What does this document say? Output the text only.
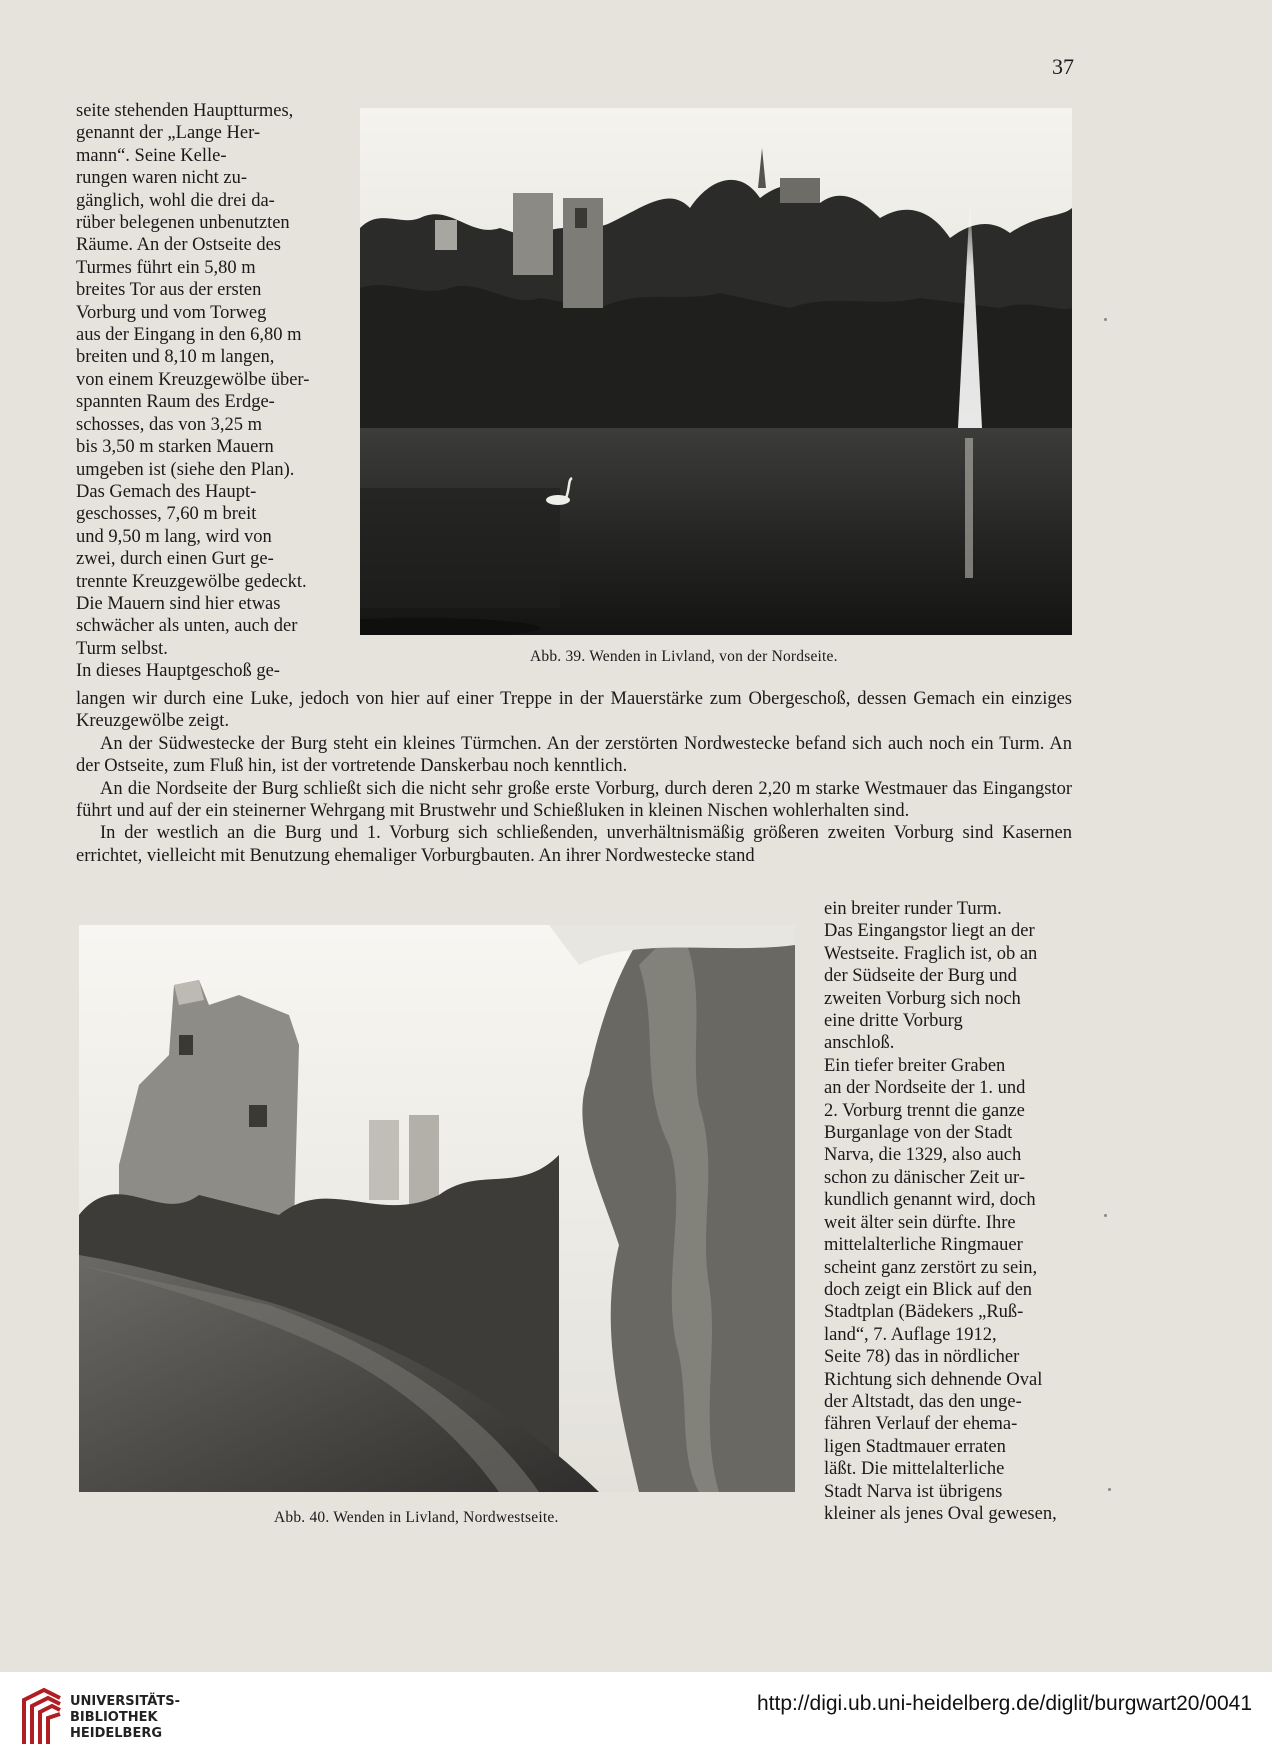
37
seite stehenden Hauptturmes,
genannt der „Lange Her-
mann“. Seine Kelle-
rungen waren nicht zu-
gänglich, wohl die drei da-
rüber belegenen unbenutzten
Räume. An der Ostseite des
Turmes führt ein 5,80 m
breites Tor aus der ersten
Vorburg und vom Torweg
aus der Eingang in den 6,80 m
breiten und 8,10 m langen,
von einem Kreuzgewölbe über-
spannten Raum des Erdge-
schosses, das von 3,25 m
bis 3,50 m starken Mauern
umgeben ist (siehe den Plan).
Das Gemach des Haupt-
geschosses, 7,60 m breit
und 9,50 m lang, wird von
zwei, durch einen Gurt ge-
trennte Kreuzgewölbe gedeckt.
Die Mauern sind hier etwas
schwächer als unten, auch der
Turm selbst.
In dieses Hauptgeschoß ge-
Abb. 39. Wenden in Livland, von der Nordseite.

langen wir durch eine Luke, jedoch von hier auf einer Treppe in der Mauerstärke zum Obergeschoß, dessen Gemach ein einziges Kreuzgewölbe zeigt.

An der Südwestecke der Burg steht ein kleines Türmchen. An der zerstörten Nordwestecke befand sich auch noch ein Turm. An der Ostseite, zum Fluß hin, ist der vortretende Danskerbau noch kenntlich.

An die Nordseite der Burg schließt sich die nicht sehr große erste Vorburg, durch deren 2,20 m starke Westmauer das Eingangstor führt und auf der ein steinerner Wehrgang mit Brustwehr und Schießluken in kleinen Nischen wohlerhalten sind.

In der westlich an die Burg und 1. Vorburg sich schließenden, unverhältnismäßig größeren zweiten Vorburg sind Kasernen errichtet, vielleicht mit Benutzung ehemaliger Vorburgbauten. An ihrer Nordwestecke stand

Abb. 40. Wenden in Livland, Nordwestseite.
ein breiter runder Turm.
Das Eingangstor liegt an der
Westseite. Fraglich ist, ob an
der Südseite der Burg und
zweiten Vorburg sich noch
eine dritte Vorburg
anschloß.
Ein tiefer breiter Graben
an der Nordseite der 1. und
2. Vorburg trennt die ganze
Burganlage von der Stadt
Narva, die 1329, also auch
schon zu dänischer Zeit ur-
kundlich genannt wird, doch
weit älter sein dürfte. Ihre
mittelalterliche Ringmauer
scheint ganz zerstört zu sein,
doch zeigt ein Blick auf den
Stadtplan (Bädekers „Ruß-
land“, 7. Auflage 1912,
Seite 78) das in nördlicher
Richtung sich dehnende Oval
der Altstadt, das den unge-
fähren Verlauf der ehema-
ligen Stadtmauer erraten
läßt. Die mittelalterliche
Stadt Narva ist übrigens
kleiner als jenes Oval gewesen,
UNIVERSITÄTS-
BIBLIOTHEK
HEIDELBERG
http://digi.ub.uni-heidelberg.de/diglit/burgwart20/0041
